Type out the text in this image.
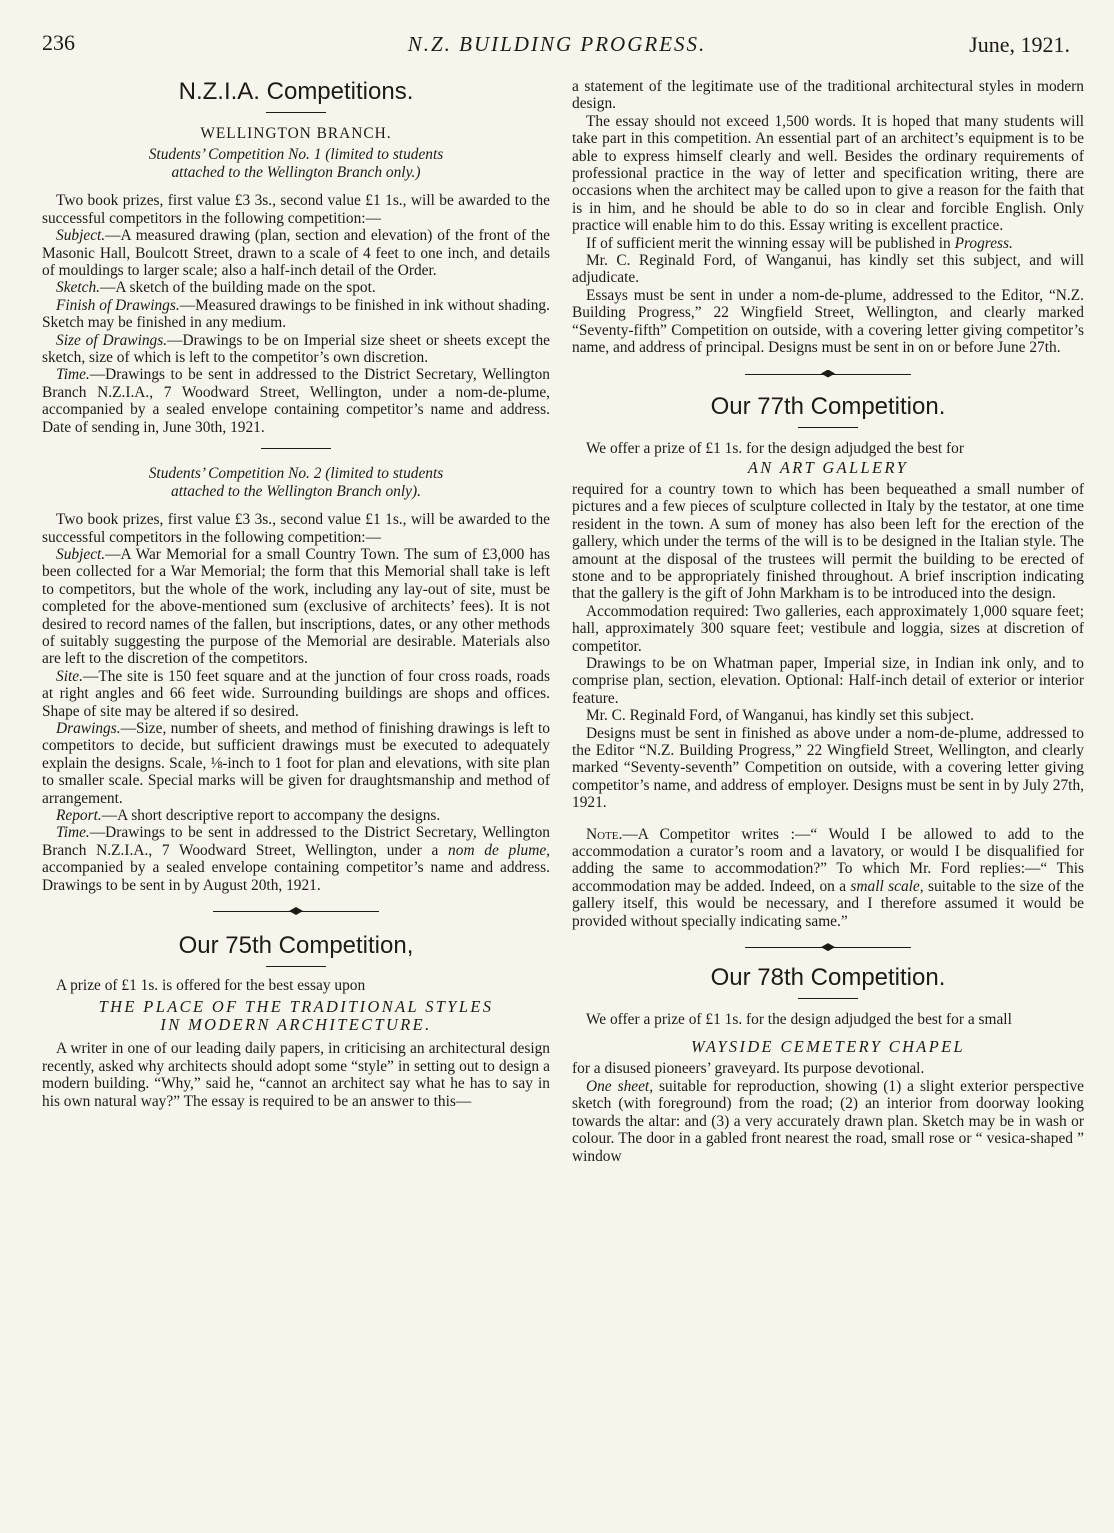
236	N.Z. BUILDING PROGRESS.	June, 1921.
N.Z.I.A. Competitions.
WELLINGTON BRANCH.
Students’ Competition No. 1 (limited to students
attached to the Wellington Branch only.)

Two book prizes, first value £3 3s., second value £1 1s., will be awarded to the successful competitors in the following competition:—

Subject.—A measured drawing (plan, section and elevation) of the front of the Masonic Hall, Boulcott Street, drawn to a scale of 4 feet to one inch, and details of mouldings to larger scale; also a half-inch detail of the Order.

Sketch.—A sketch of the building made on the spot.

Finish of Drawings.—Measured drawings to be finished in ink without shading. Sketch may be finished in any medium.

Size of Drawings.—Drawings to be on Imperial size sheet or sheets except the sketch, size of which is left to the competitor’s own discretion.

Time.—Drawings to be sent in addressed to the District Secretary, Wellington Branch N.Z.I.A., 7 Woodward Street, Wellington, under a nom-de-plume, accompanied by a sealed envelope containing competitor’s name and address. Date of sending in, June 30th, 1921.

Students’ Competition No. 2 (limited to students
attached to the Wellington Branch only).

Two book prizes, first value £3 3s., second value £1 1s., will be awarded to the successful competitors in the following competition:—

Subject.—A War Memorial for a small Country Town. The sum of £3,000 has been collected for a War Memorial; the form that this Memorial shall take is left to competitors, but the whole of the work, including any lay-out of site, must be completed for the above-mentioned sum (exclusive of architects’ fees). It is not desired to record names of the fallen, but inscriptions, dates, or any other methods of suitably suggesting the purpose of the Memorial are desirable. Materials also are left to the discretion of the competitors.

Site.—The site is 150 feet square and at the junction of four cross roads, roads at right angles and 66 feet wide. Surrounding buildings are shops and offices. Shape of site may be altered if so desired.

Drawings.—Size, number of sheets, and method of finishing drawings is left to competitors to decide, but sufficient drawings must be executed to adequately explain the designs. Scale, ⅛-inch to 1 foot for plan and elevations, with site plan to smaller scale. Special marks will be given for draughtsmanship and method of arrangement.

Report.—A short descriptive report to accompany the designs.

Time.—Drawings to be sent in addressed to the District Secretary, Wellington Branch N.Z.I.A., 7 Woodward Street, Wellington, under a nom de plume, accompanied by a sealed envelope containing competitor’s name and address. Drawings to be sent in by August 20th, 1921.

Our 75th Competition,

A prize of £1 1s. is offered for the best essay upon

THE PLACE OF THE TRADITIONAL STYLES
IN MODERN ARCHITECTURE.

A writer in one of our leading daily papers, in criticising an architectural design recently, asked why architects should adopt some “style” in setting out to design a modern building. “Why,” said he, “cannot an architect say what he has to say in his own natural way?” The essay is required to be an answer to this—

a statement of the legitimate use of the traditional architectural styles in modern design.

The essay should not exceed 1,500 words. It is hoped that many students will take part in this competition. An essential part of an architect’s equipment is to be able to express himself clearly and well. Besides the ordinary requirements of professional practice in the way of letter and specification writing, there are occasions when the architect may be called upon to give a reason for the faith that is in him, and he should be able to do so in clear and forcible English. Only practice will enable him to do this. Essay writing is excellent practice.

If of sufficient merit the winning essay will be published in Progress.

Mr. C. Reginald Ford, of Wanganui, has kindly set this subject, and will adjudicate.

Essays must be sent in under a nom-de-plume, addressed to the Editor, “N.Z. Building Progress,” 22 Wingfield Street, Wellington, and clearly marked “Seventy-fifth” Competition on outside, with a covering letter giving competitor’s name, and address of principal. Designs must be sent in on or before June 27th.

Our 77th Competition.

We offer a prize of £1 1s. for the design adjudged the best for

AN ART GALLERY

required for a country town to which has been bequeathed a small number of pictures and a few pieces of sculpture collected in Italy by the testator, at one time resident in the town. A sum of money has also been left for the erection of the gallery, which under the terms of the will is to be designed in the Italian style. The amount at the disposal of the trustees will permit the building to be erected of stone and to be appropriately finished throughout. A brief inscription indicating that the gallery is the gift of John Markham is to be introduced into the design.

Accommodation required: Two galleries, each approximately 1,000 square feet; hall, approximately 300 square feet; vestibule and loggia, sizes at discretion of competitor.

Drawings to be on Whatman paper, Imperial size, in Indian ink only, and to comprise plan, section, elevation. Optional: Half-inch detail of exterior or interior feature.

Mr. C. Reginald Ford, of Wanganui, has kindly set this subject.

Designs must be sent in finished as above under a nom-de-plume, addressed to the Editor “N.Z. Building Progress,” 22 Wingfield Street, Wellington, and clearly marked “Seventy-seventh” Competition on outside, with a covering letter giving competitor’s name, and address of employer. Designs must be sent in by July 27th, 1921.

Note.—A Competitor writes :—“ Would I be allowed to add to the accommodation a curator’s room and a lavatory, or would I be disqualified for adding the same to accommodation?” To which Mr. Ford replies:—“ This accommodation may be added. Indeed, on a small scale, suitable to the size of the gallery itself, this would be necessary, and I therefore assumed it would be provided without specially indicating same.”

Our 78th Competition.

We offer a prize of £1 1s. for the design adjudged the best for a small

WAYSIDE CEMETERY CHAPEL

for a disused pioneers’ graveyard. Its purpose devotional.

One sheet, suitable for reproduction, showing (1) a slight exterior perspective sketch (with foreground) from the road; (2) an interior from doorway looking towards the altar: and (3) a very accurately drawn plan. Sketch may be in wash or colour. The door in a gabled front nearest the road, small rose or “ vesica-shaped ” window
